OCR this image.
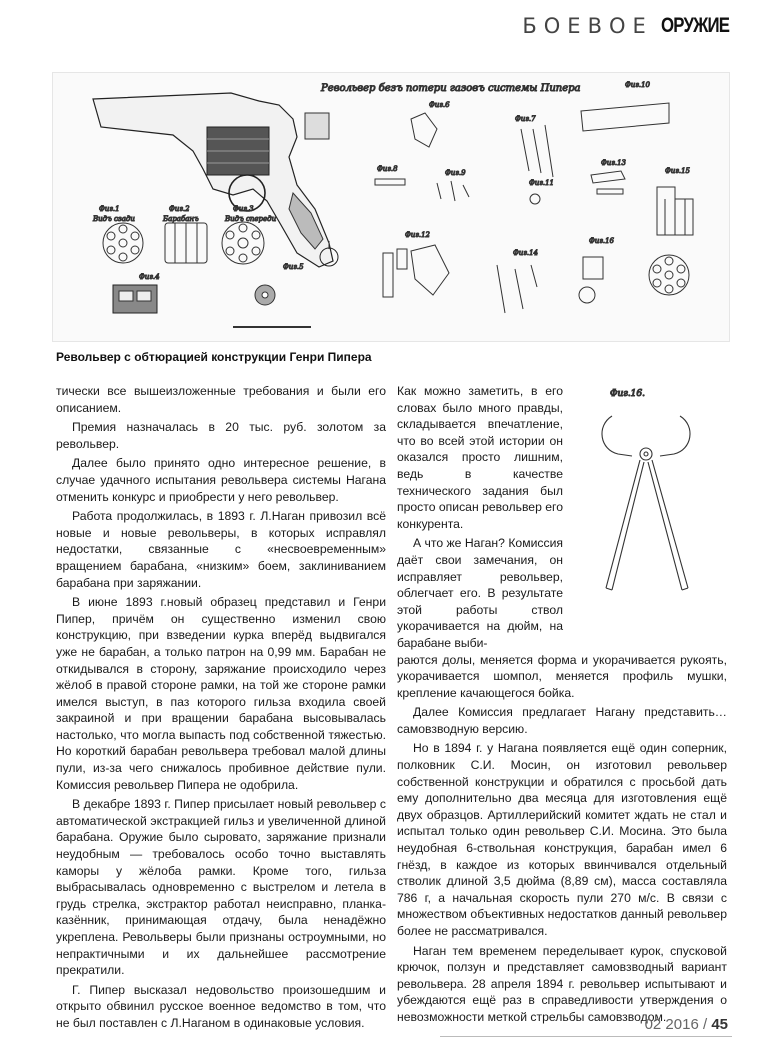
БОЕВОЕ ОРУЖИЕ
Револьвер безъ потери газовъ системы Пипера
Фиг.1
Видъ сзади
Фиг.2
Барабанъ
Фиг.3
Видъ спереди
Фиг.4
Фиг.5
Фиг.6
Фиг.7
Фиг.10
Фиг.8	Фиг.9
Фиг.11
Фиг.13
Фиг.15
Фиг.12
Фиг.14
Фиг.16
Револьвер с обтюрацией конструкции Генри Пипера

тически все вышеизложенные требования и были его описанием.

Премия назначалась в 20 тыс. руб. золотом за револьвер.

Далее было принято одно интересное решение, в случае удачного испытания револьвера системы Нагана отменить конкурс и приобрести у него револьвер.

Работа продолжилась, в 1893 г. Л.Наган привозил всё новые и новые револьверы, в которых исправлял недостатки, связанные с «несвоевременным» вращением барабана, «низким» боем, заклиниванием барабана при заряжании.

В июне 1893 г.новый образец представил и Генри Пипер, причём он существенно изменил свою конструкцию, при взведении курка вперёд выдвигался уже не барабан, а только патрон на 0,99 мм. Барабан не откидывался в сторону, заряжание происходило через жёлоб в правой стороне рамки, на той же стороне рамки имелся выступ, в паз которого гильза входила своей закраиной и при вращении барабана высовывалась настолько, что могла выпасть под собственной тяжестью. Но короткий барабан револьвера требовал малой длины пули, из-за чего снижалось пробивное действие пули. Комиссия револьвер Пипера не одобрила.

В декабре 1893 г. Пипер присылает новый револьвер с автоматической экстракцией гильз и увеличенной длиной барабана. Оружие было сыровато, заряжание признали неудобным — требовалось особо точно выставлять каморы у жёлоба рамки. Кроме того, гильза выбрасывалась одновременно с выстрелом и летела в грудь стрелка, экстрактор работал неисправно, планка-казённик, принимающая отдачу, была ненадёжно укреплена. Револьверы были признаны остроумными, но непрактичными и их дальнейшее рассмотрение прекратили.

Г. Пипер высказал недовольство произошедшим и открыто обвинил русское военное ведомство в том, что не был поставлен с Л.Наганом в одинаковые условия.

Как можно заметить, в его словах было много правды, складывается впечатление, что во всей этой истории он оказался просто лишним, ведь в качестве технического задания был просто описан револьвер его конкурента.

А что же Наган? Комиссия даёт свои замечания, он исправляет револьвер, облегчает его. В результате этой работы ствол укорачивается на дюйм, на барабане выби-

раются долы, меняется форма и укорачивается рукоять, укорачивается шомпол, меняется профиль мушки, крепление качающегося бойка.

Далее Комиссия предлагает Нагану представить… самовзводную версию.

Но в 1894 г. у Нагана появляется ещё один соперник, полковник С.И. Мосин, он изготовил револьвер собственной конструкции и обратился с просьбой дать ему дополнительно два месяца для изготовления ещё двух образцов. Артиллерийский комитет ждать не стал и испытал только один револьвер С.И. Мосина. Это была неудобная 6-ствольная конструкция, барабан имел 6 гнёзд, в каждое из которых ввинчивался отдельный стволик длиной 3,5 дюйма (8,89 см), масса составляла 786 г, а начальная скорость пули 270 м/с. В связи с множеством объективных недостатков данный револьвер более не рассматривался.

Наган тем временем переделывает курок, спусковой крючок, ползун и представляет самовзводный вариант револьвера. 28 апреля 1894 г. револьвер испытывают и убеждаются ещё раз в справедливости утверждения о невозможности меткой стрельбы самовзводом.

Фиг.16.
02 2016 / 45
